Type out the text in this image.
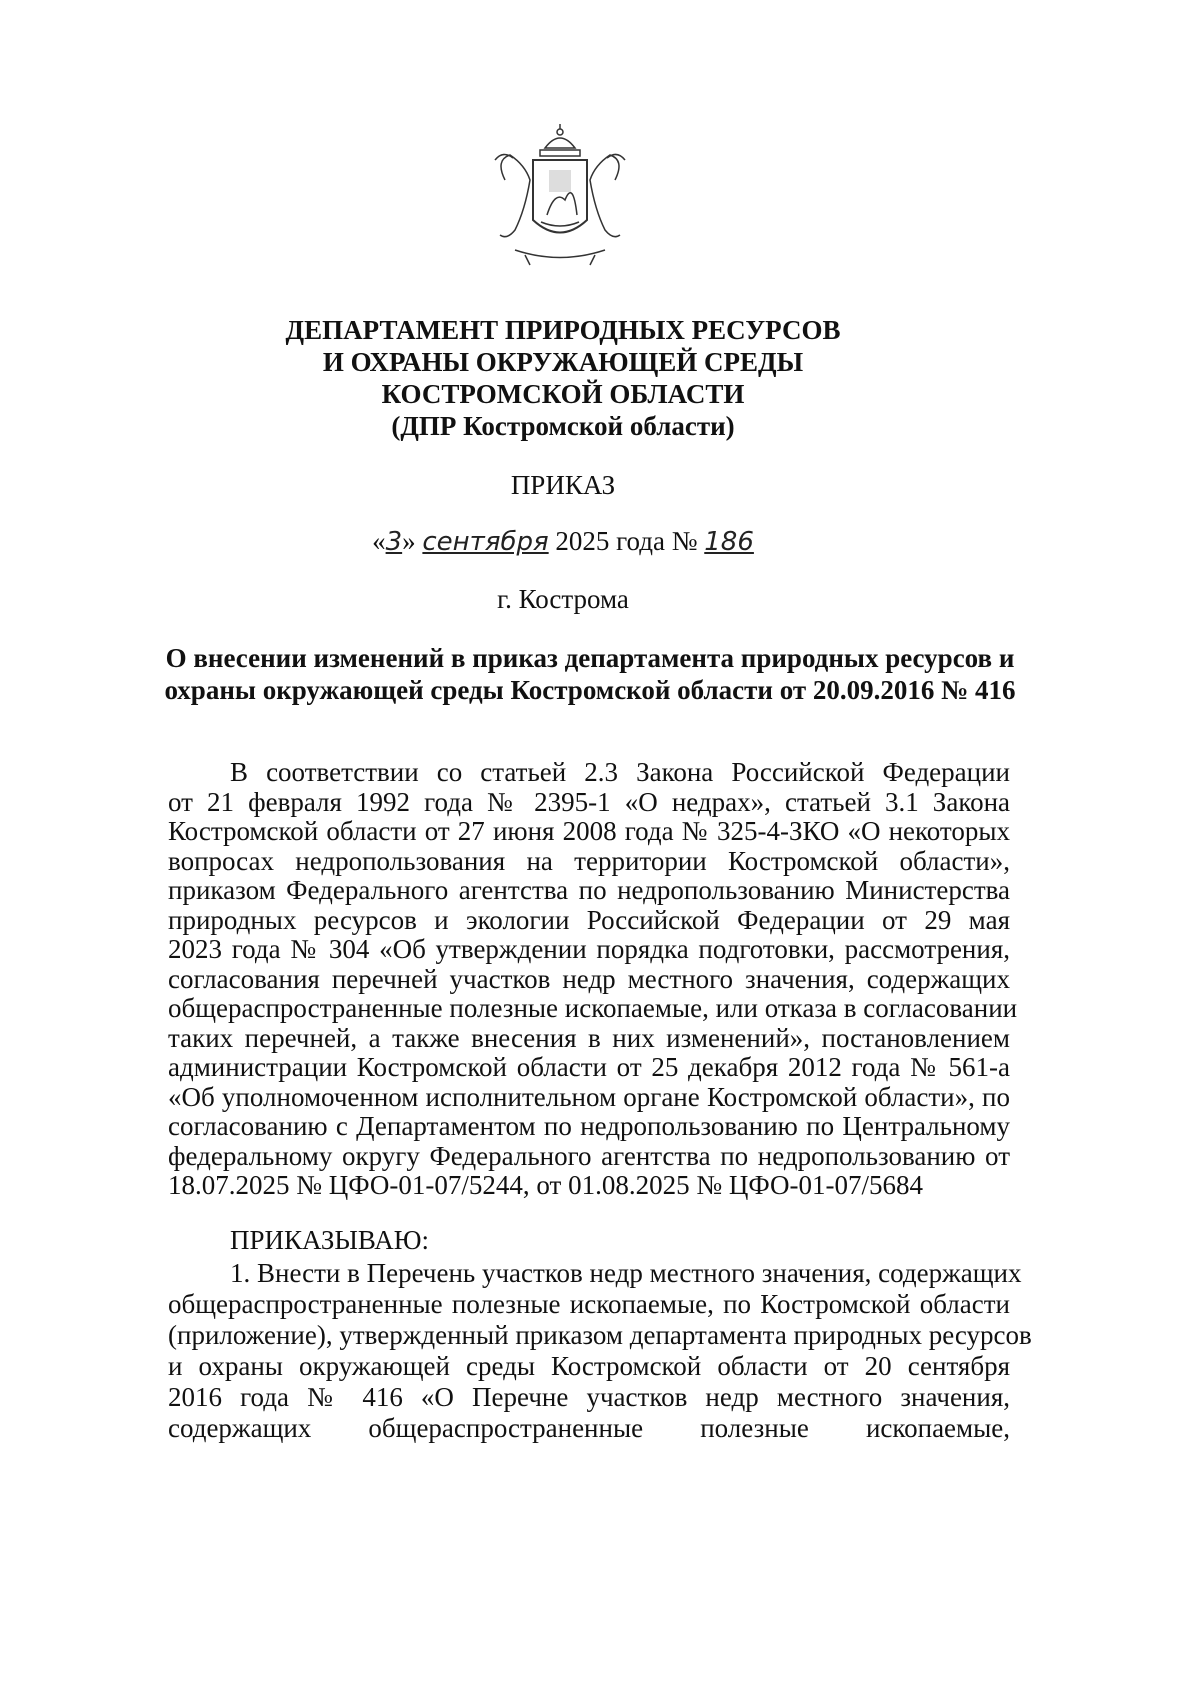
ДЕПАРТАМЕНТ ПРИРОДНЫХ РЕСУРСОВ
И ОХРАНЫ ОКРУЖАЮЩЕЙ СРЕДЫ
КОСТРОМСКОЙ ОБЛАСТИ
(ДПР Костромской области)
ПРИКАЗ
«3» сентября 2025 года № 186
г. Кострома
О внесении изменений в приказ департамента природных ресурсов и
охраны окружающей среды Костромской области от 20.09.2016 № 416
В соответствии со статьей 2.3 Закона Российской Федерации
от 21 февраля 1992 года № 2395-1 «О недрах», статьей 3.1 Закона
Костромской области от 27 июня 2008 года № 325-4-ЗКО «О некоторых
вопросах недропользования на территории Костромской области»,
приказом Федерального агентства по недропользованию Министерства
природных ресурсов и экологии Российской Федерации от 29 мая
2023 года № 304 «Об утверждении порядка подготовки, рассмотрения,
согласования перечней участков недр местного значения, содержащих
общераспространенные полезные ископаемые, или отказа в согласовании
таких перечней, а также внесения в них изменений», постановлением
администрации Костромской области от 25 декабря 2012 года № 561-а
«Об уполномоченном исполнительном органе Костромской области», по
согласованию с Департаментом по недропользованию по Центральному
федеральному округу Федерального агентства по недропользованию от
18.07.2025 № ЦФО-01-07/5244, от 01.08.2025 № ЦФО-01-07/5684
ПРИКАЗЫВАЮ:
1. Внести в Перечень участков недр местного значения, содержащих
общераспространенные полезные ископаемые, по Костромской области
(приложение), утвержденный приказом департамента природных ресурсов
и охраны окружающей среды Костромской области от 20 сентября
2016 года № 416 «О Перечне участков недр местного значения,
содержащих общераспространенные полезные ископаемые,
